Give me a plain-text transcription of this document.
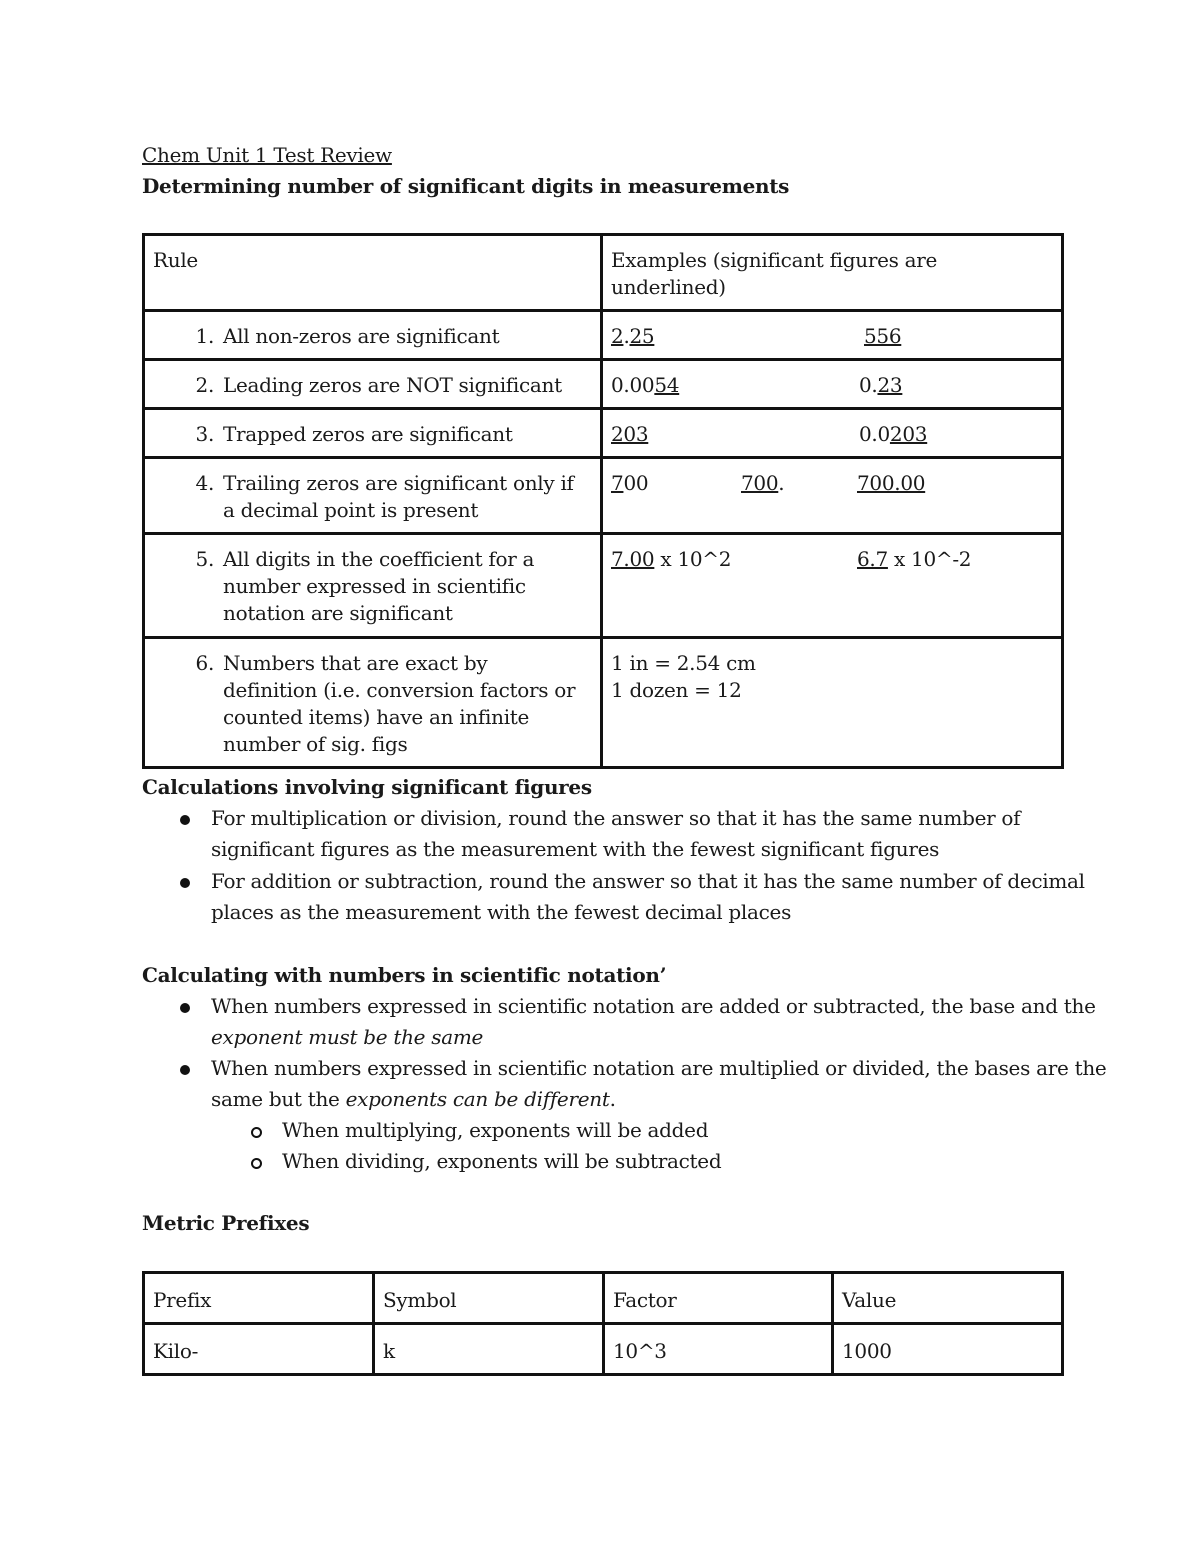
Chem Unit 1 Test Review
Determining number of significant digits in measurements
Rule	Examples (significant figures are underlined)
1. All non-zeros are significant	2.25 556

2. Leading zeros are NOT significant	0.0054 0.23

3. Trapped zeros are significant	203 0.0203

4. Trailing zeros are significant only if a decimal point is present	700 700. 700.00

5. All digits in the coefficient for a number expressed in scientific notation are significant	7.00 x 10^2 6.7 x 10^-2

6. Numbers that are exact by definition (i.e. conversion factors or counted items) have an infinite number of sig. figs	1 in = 2.54 cm
1 dozen = 12
Calculations involving significant figures
For multiplication or division, round the answer so that it has the same number of
significant figures as the measurement with the fewest significant figures
For addition or subtraction, round the answer so that it has the same number of decimal
places as the measurement with the fewest decimal places
Calculating with numbers in scientific notation’
When numbers expressed in scientific notation are added or subtracted, the base and the
exponent must be the same
When numbers expressed in scientific notation are multiplied or divided, the bases are the
same but the exponents can be different.
When multiplying, exponents will be added
When dividing, exponents will be subtracted
Metric Prefixes
Prefix	Symbol	Factor	Value
Kilo-	k	10^3	1000
